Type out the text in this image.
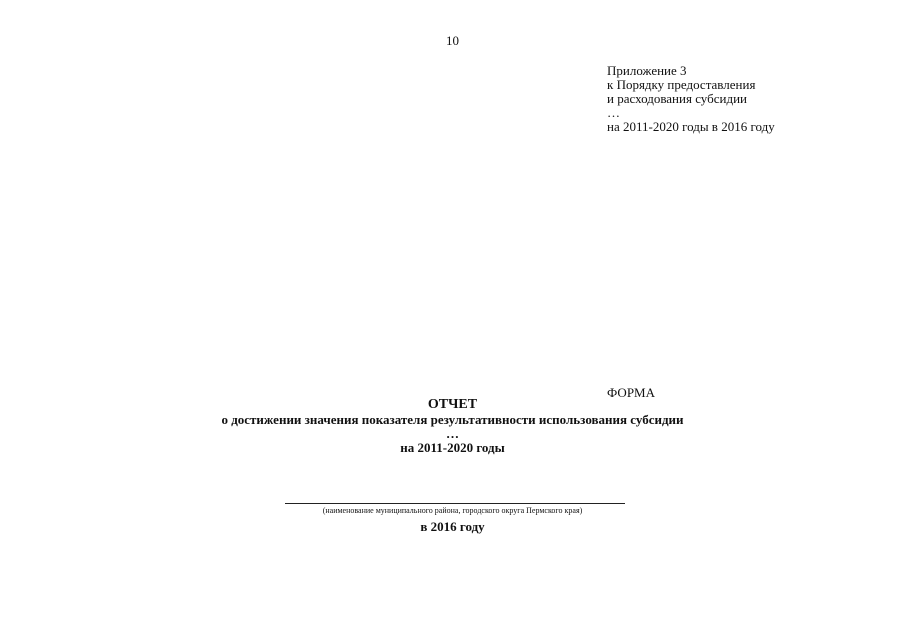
10
Приложение 3
к Порядку предоставления
и расходования субсидии
…
на 2011-2020 годы в 2016 году
ФОРМА
ОТЧЕТ
о достижении значения показателя результативности использования субсидии
…
на 2011-2020 годы
(наименование муниципального района, городского округа Пермского края)
в 2016 году
